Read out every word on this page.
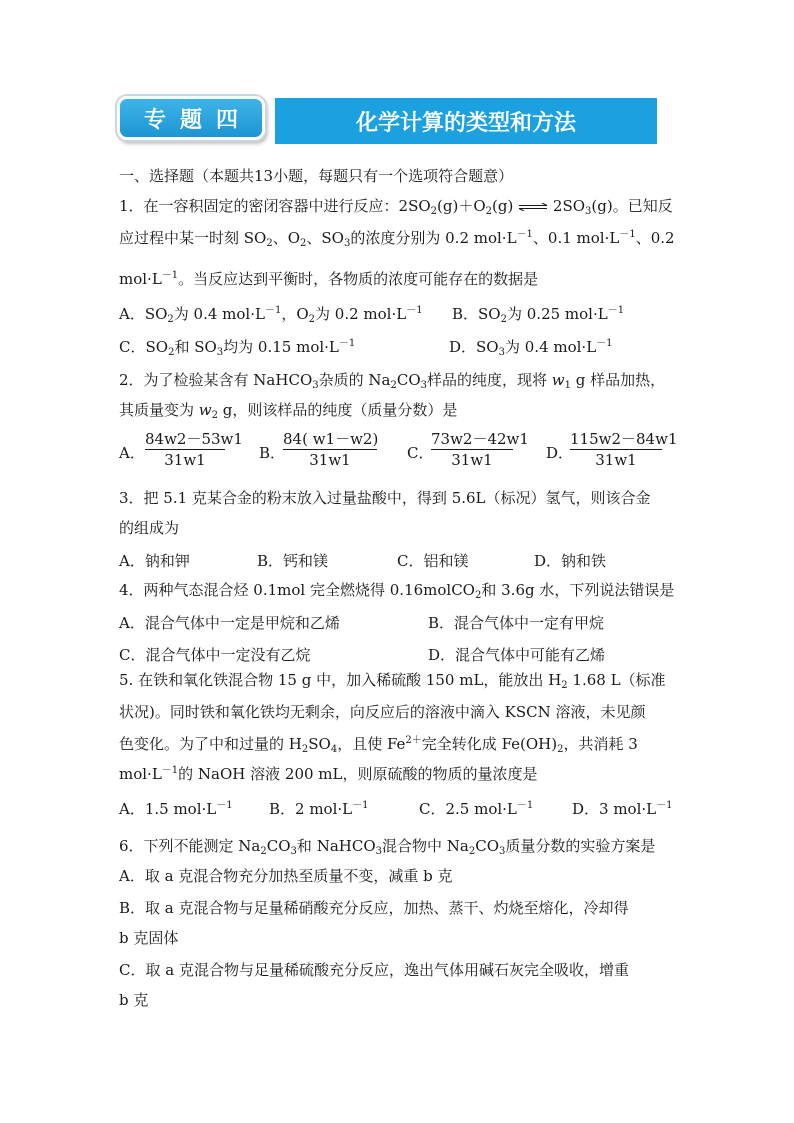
专题四	化学计算的类型和方法
一、选择题（本题共13小题，每题只有一个选项符合题意）
1．在一容积固定的密闭容器中进行反应：$2SO_2(g)+O_2(g)$ ⇌ $2SO_3(g)$。已知反
应过程中某一时刻 $SO_2$、$O_2$、$SO_3$的浓度分别为 0.2 $mol\cdot L^{-1}$、0.1 $mol\cdot L^{-1}$、0.2
$mol\cdot L^{-1}$。当反应达到平衡时，各物质的浓度可能存在的数据是
A．$SO_2$为 0.4 $mol\cdot L^{-1}$，$O_2$为 0.2 $mol\cdot L^{-1}$ B．$SO_2$为 0.25 $mol\cdot L^{-1}$
C．$SO_2$和 $SO_3$均为 0.15 $mol\cdot L^{-1}$	D．$SO_3$为 0.4 $mol\cdot L^{-1}$
2．为了检验某含有 NaHCO$_3$杂质的 $Na_2CO_3$样品的纯度，现将 $w_1$ g 样品加热，
其质量变为 $w_2$ g，则该样品的纯度（质量分数）是
A．
84w2－53w1
31w1	B．
84( w1－w2)
31w1	C．
73w2－42w1
31w1	D．
115w2－84w1
31w1
3．把 5.1 克某合金的粉末放入过量盐酸中，得到 5.6L（标况）氢气，则该合金
的组成为
A．钠和钾	B．钙和镁	C．铝和镁	D．钠和铁
4．两种气态混合烃 0.1mol 完全燃烧得 0.16molCO$_2$和 3.6g 水，下列说法错误是
A．混合气体中一定是甲烷和乙烯	B．混合气体中一定有甲烷
C．混合气体中一定没有乙烷	D．混合气体中可能有乙烯
5. 在铁和氧化铁混合物 15 g 中，加入稀硫酸 150 mL，能放出 $H_2$ 1.68 L（标准
状况)。同时铁和氧化铁均无剩余，向反应后的溶液中滴入 KSCN 溶液，未见颜
色变化。为了中和过量的 $H_2SO_4$，且使 $Fe^{2+}$完全转化成 $Fe(OH)_2$，共消耗 3
$mol\cdot L^{-1}$的 NaOH 溶液 200 mL，则原硫酸的物质的量浓度是
A．1.5 $mol\cdot L^{-1}$ B．2 $mol\cdot L^{-1}$	C．2.5 $mol\cdot L^{-1}$	D．3 $mol\cdot L^{-1}$
6．下列不能测定 $Na_2CO_3$和 NaHCO$_3$混合物中 $Na_2CO_3$质量分数的实验方案是
A．取 a 克混合物充分加热至质量不变，减重 b 克
B．取 a 克混合物与足量稀硝酸充分反应，加热、蒸干、灼烧至熔化，冷却得
b 克固体
C．取 a 克混合物与足量稀硫酸充分反应，逸出气体用碱石灰完全吸收，增重
b 克
